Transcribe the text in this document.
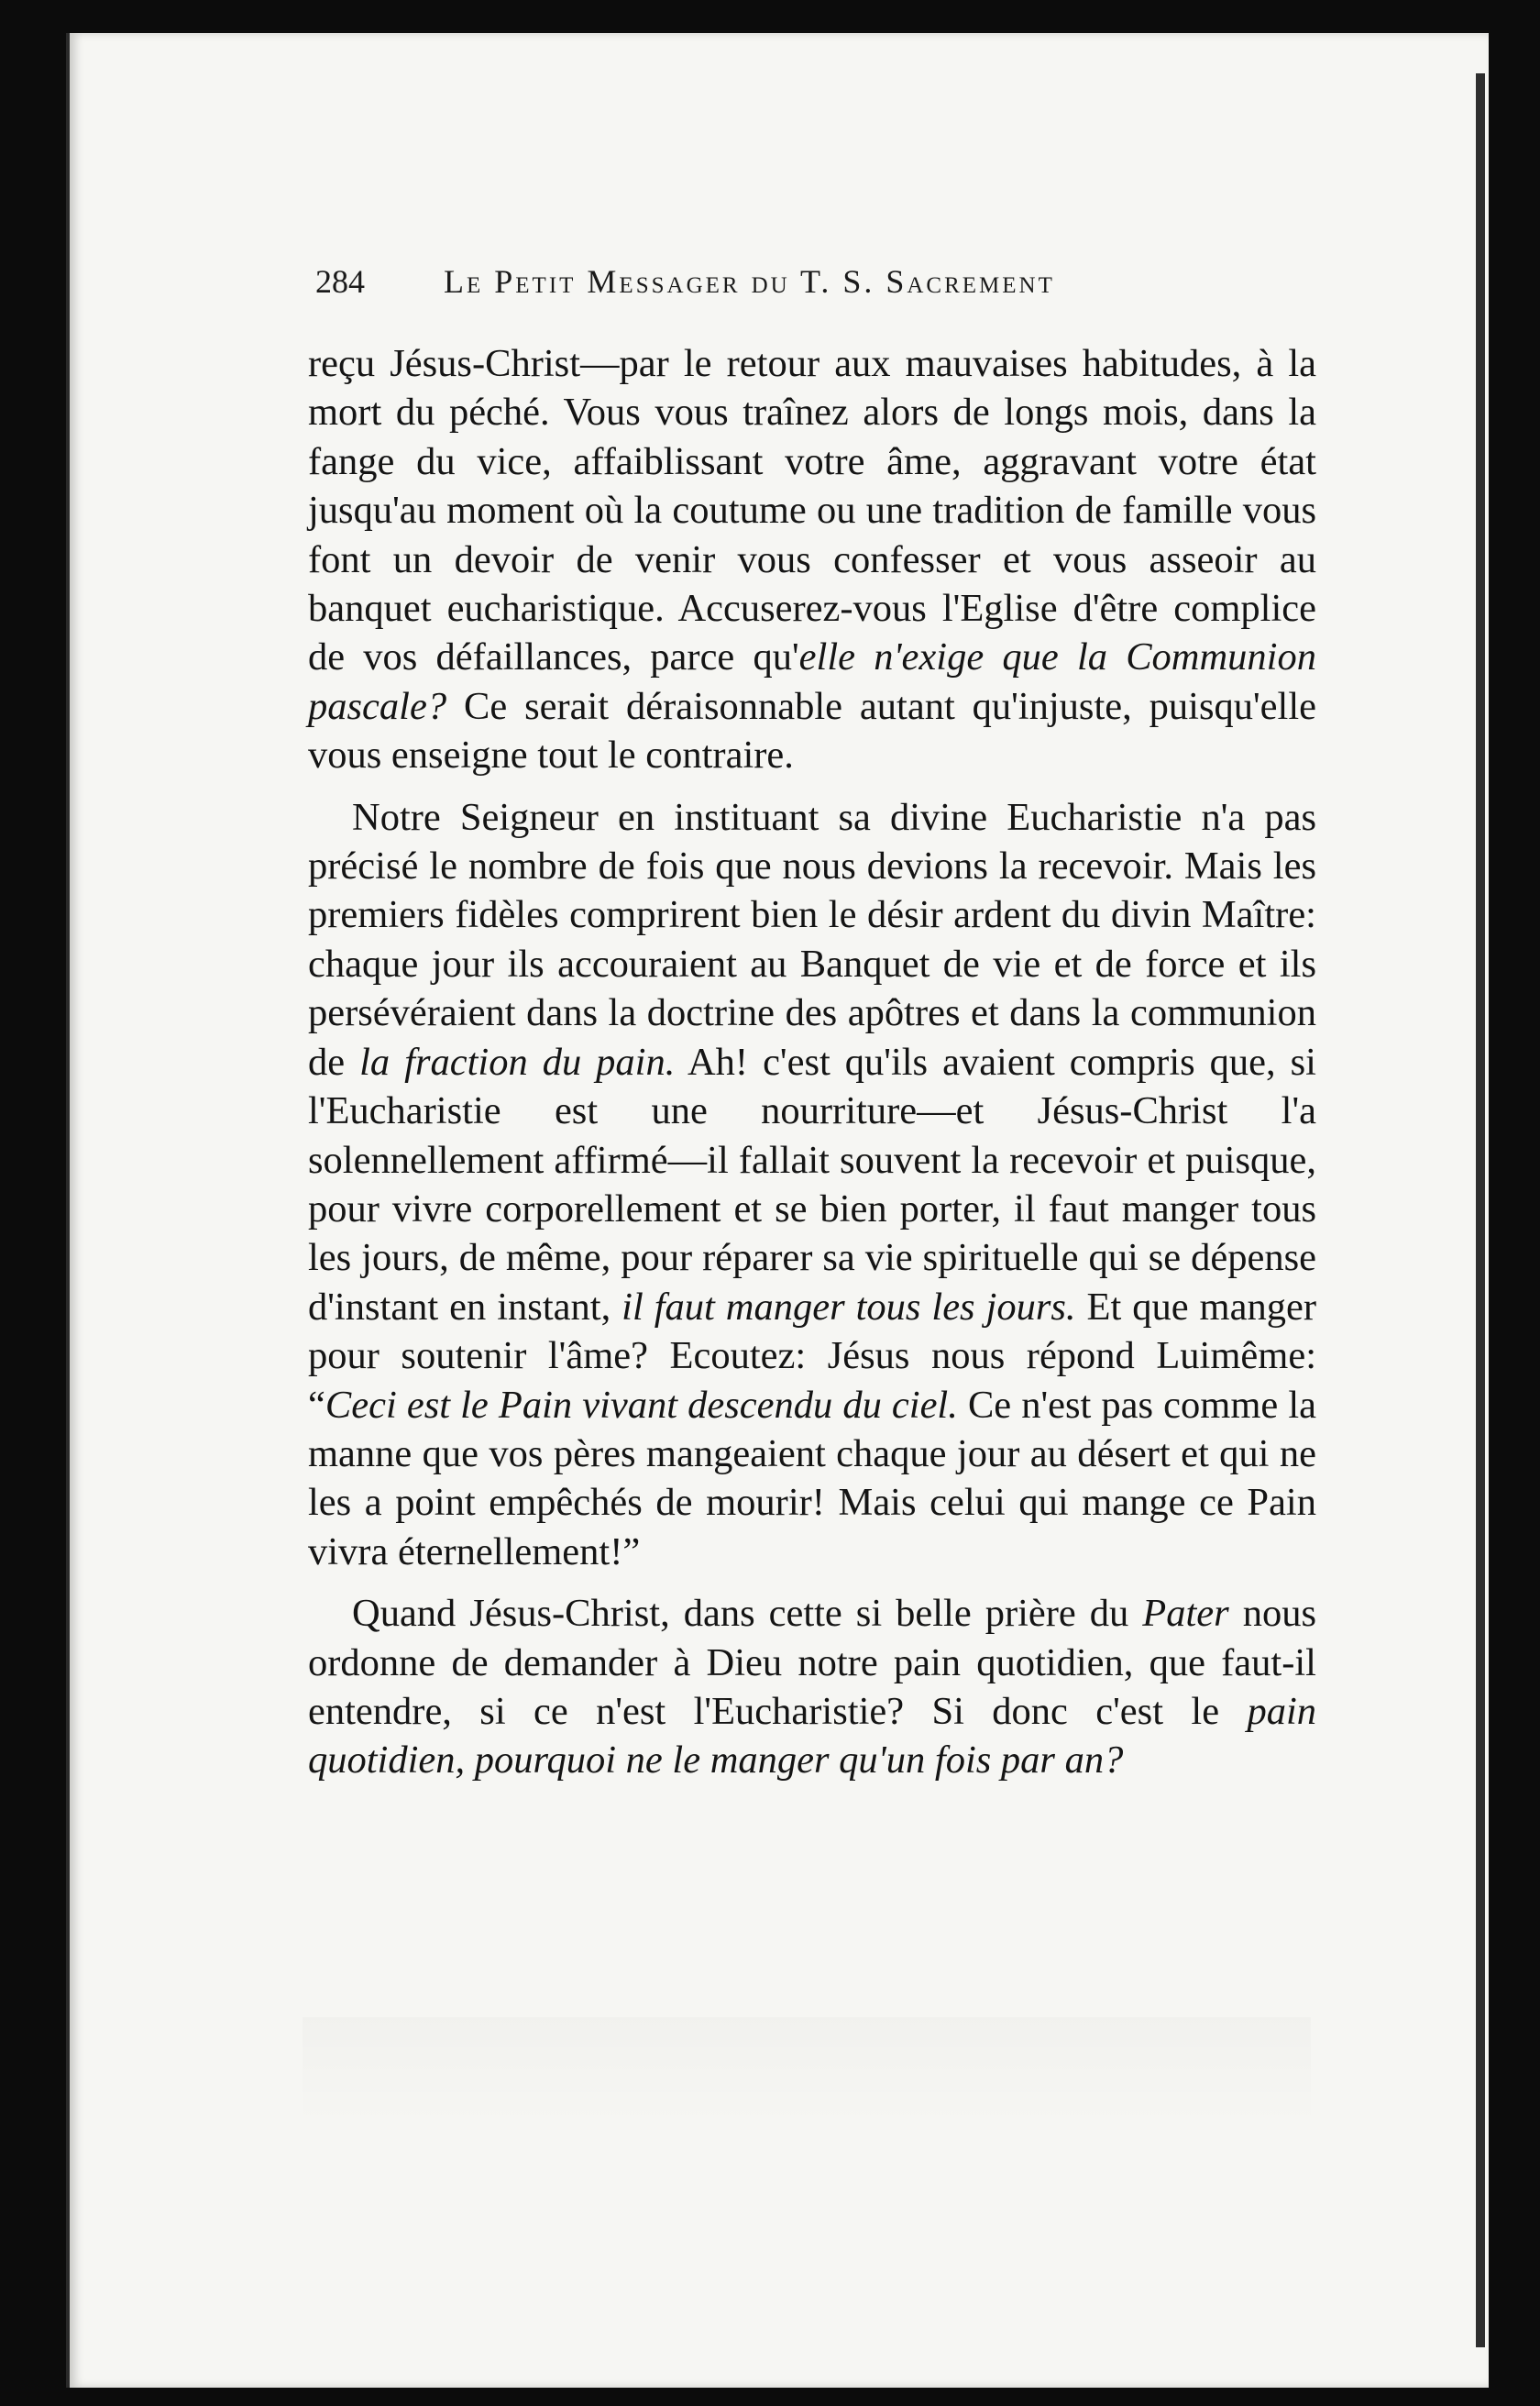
284 Le Petit Messager du T. S. Sacrement

reçu Jésus-Christ—par le retour aux mauvaises habitudes, à la mort du péché. Vous vous traînez alors de longs mois, dans la fange du vice, affaiblissant votre âme, aggravant votre état jusqu'au moment où la coutume ou une tradition de famille vous font un devoir de venir vous confesser et vous asseoir au banquet eucharistique. Accuserez-vous l'Eglise d'être complice de vos défaillances, parce qu'elle n'exige que la Communion pascale? Ce serait déraisonnable autant qu'injuste, puisqu'elle vous enseigne tout le contraire.

Notre Seigneur en instituant sa divine Eucharistie n'a pas précisé le nombre de fois que nous devions la recevoir. Mais les premiers fidèles comprirent bien le désir ardent du divin Maître: chaque jour ils accouraient au Banquet de vie et de force et ils persévéraient dans la doctrine des apôtres et dans la communion de la fraction du pain. Ah! c'est qu'ils avaient compris que, si l'Eucharistie est une nourriture—et Jésus-Christ l'a solennellement affirmé—il fallait souvent la recevoir et puisque, pour vivre corporellement et se bien porter, il faut manger tous les jours, de même, pour réparer sa vie spirituelle qui se dépense d'instant en instant, il faut manger tous les jours. Et que manger pour soutenir l'âme? Ecoutez: Jésus nous répond Luimême: “Ceci est le Pain vivant descendu du ciel. Ce n'est pas comme la manne que vos pères mangeaient chaque jour au désert et qui ne les a point empêchés de mourir! Mais celui qui mange ce Pain vivra éternellement!”

Quand Jésus-Christ, dans cette si belle prière du Pater nous ordonne de demander à Dieu notre pain quotidien, que faut-il entendre, si ce n'est l'Eucharistie? Si donc c'est le pain quotidien, pourquoi ne le manger qu'un fois par an?
